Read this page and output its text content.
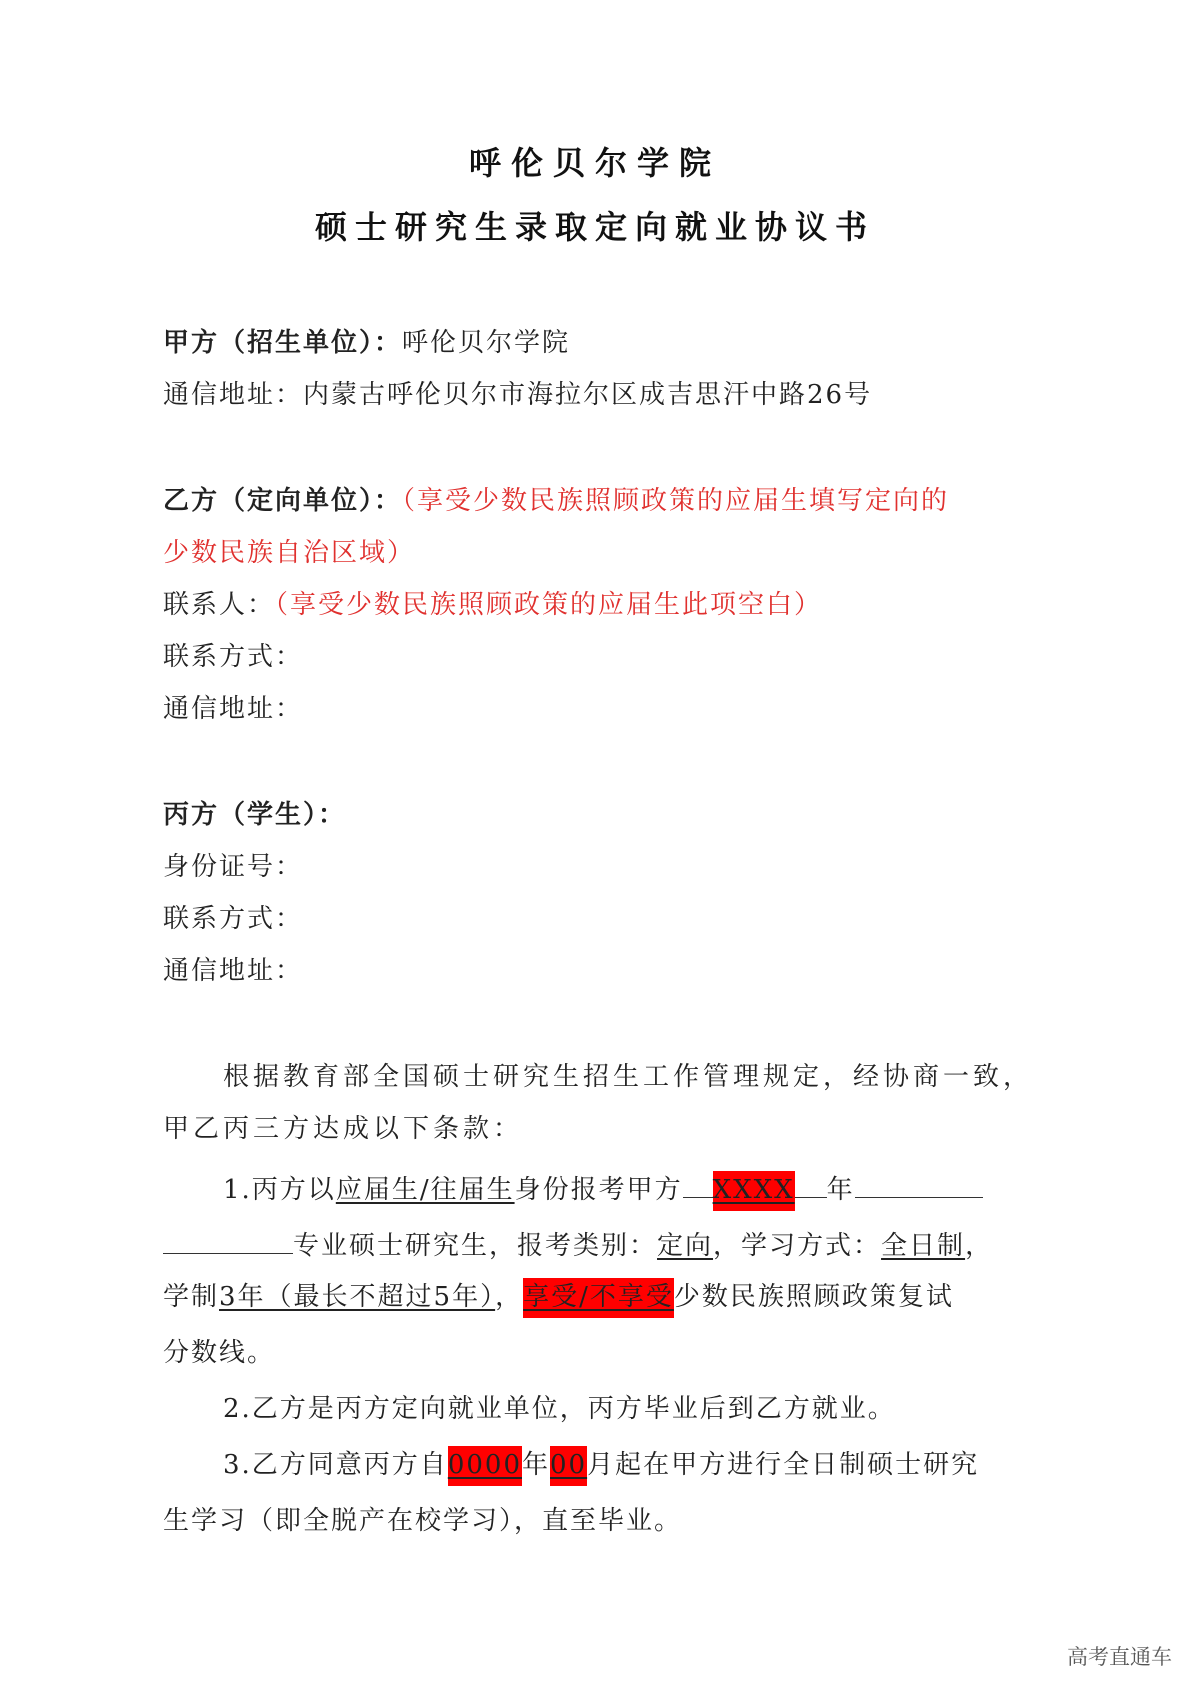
呼伦贝尔学院
硕士研究生录取定向就业协议书
甲方（招生单位）：呼伦贝尔学院
通信地址：内蒙古呼伦贝尔市海拉尔区成吉思汗中路26号
乙方（定向单位）：（享受少数民族照顾政策的应届生填写定向的
少数民族自治区域）
联系人：（享受少数民族照顾政策的应届生此项空白）
联系方式：
通信地址：
丙方（学生）：
身份证号：
联系方式：
通信地址：
根据教育部全国硕士研究生招生工作管理规定，经协商一致，
甲乙丙三方达成以下条款：
1.丙方以应届生/往届生身份报考甲方 XXXX 年
专业硕士研究生，报考类别：定向，学习方式：全日制，
学制3年（最长不超过5年），享受/不享受少数民族照顾政策复试
分数线。
2.乙方是丙方定向就业单位，丙方毕业后到乙方就业。
3.乙方同意丙方自0000年00月起在甲方进行全日制硕士研究
生学习（即全脱产在校学习），直至毕业。
高考直通车
